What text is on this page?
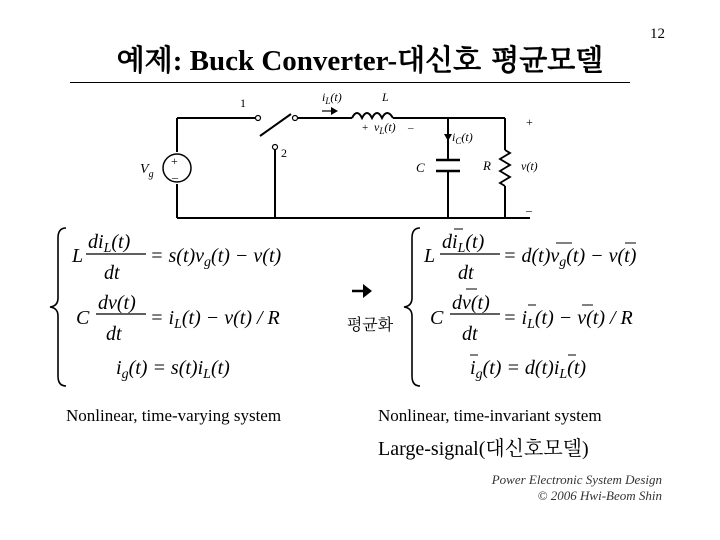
12
예제: Buck Converter-대신호 평균모델
+
–
1
2
$V_g$
$i_L(t)$	L
+ $v_L(t)$ –
$i_C(t)$
C	R
+
v(t)
–
L
$di_L(t)$
dt
= $s(t)v_g(t) - v(t)$
C
dv(t)
dt
= $i_L(t) - v(t) / R$
$i_g(t) = s(t)i_L(t)$
L
$di_L(t)$
dt
= $d(t)v_g(t) - v(t)$
C
dv(t)
dt
= $i_L(t) - v(t) / R$
$i_g(t) = d(t)i_L(t)$
평균화
Nonlinear, time-varying system	Nonlinear, time-invariant system
Large-signal(대신호모델)
Power Electronic System Design
© 2006 Hwi-Beom Shin
